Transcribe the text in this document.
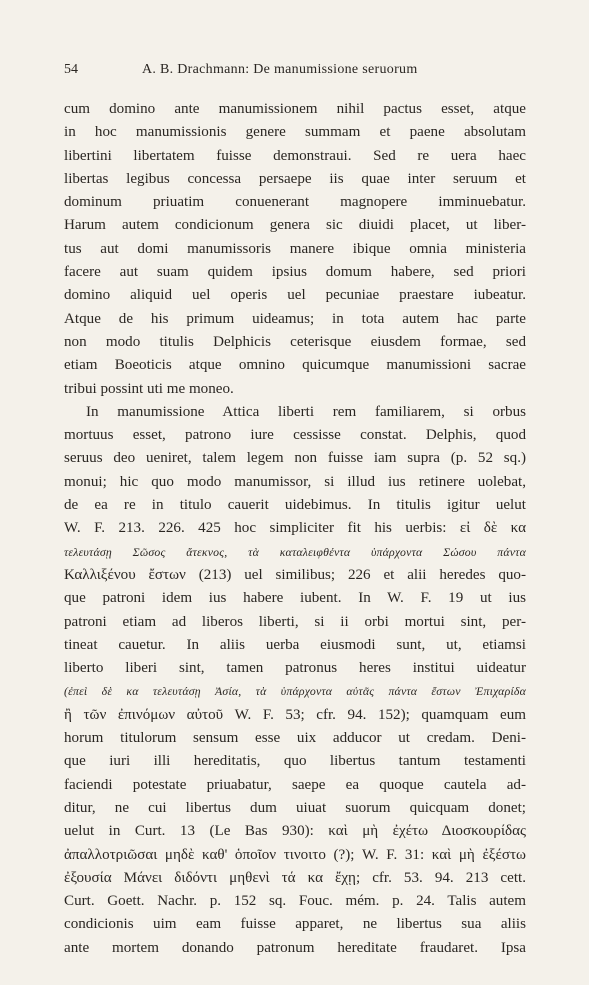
54	A. B. Drachmann: De manumissione seruorum
cum domino ante manumissionem nihil pactus esset, atque
in hoc manumissionis genere summam et paene absolutam
libertini libertatem fuisse demonstraui. Sed re uera haec
libertas legibus concessa persaepe iis quae inter seruum et
dominum priuatim conuenerant magnopere imminuebatur.
Harum autem condicionum genera sic diuidi placet, ut liber-
tus aut domi manumissoris manere ibique omnia ministeria
facere aut suam quidem ipsius domum habere, sed priori
domino aliquid uel operis uel pecuniae praestare iubeatur.
Atque de his primum uideamus; in tota autem hac parte
non modo titulis Delphicis ceterisque eiusdem formae, sed
etiam Boeoticis atque omnino quicumque manumissioni sacrae
tribui possint uti me moneo.
In manumissione Attica liberti rem familiarem, si orbus
mortuus esset, patrono iure cessisse constat. Delphis, quod
seruus deo ueniret, talem legem non fuisse iam supra (p. 52 sq.)
monui; hic quo modo manumissor, si illud ius retinere uolebat,
de ea re in titulo cauerit uidebimus. In titulis igitur uelut
W. F. 213. 226. 425 hoc simpliciter fit his uerbis: εἰ δὲ κα
τελευτάσῃ Σῶσος ἄτεκνος, τὰ καταλειφθέντα ὑπάρχοντα Σώσου πάντα
Καλλιξένου ἔστων (213) uel similibus; 226 et alii heredes quo-
que patroni idem ius habere iubent. In W. F. 19 ut ius
patroni etiam ad liberos liberti, si ii orbi mortui sint, per-
tineat cauetur. In aliis uerba eiusmodi sunt, ut, etiamsi
liberto liberi sint, tamen patronus heres institui uideatur
(ἐπεὶ δὲ κα τελευτάσῃ Ἀσία, τὰ ὑπάρχοντα αὐτᾶς πάντα ἔστων Ἐπιχαρίδα
ἢ τῶν ἐπινόμων αὐτοῦ W. F. 53; cfr. 94. 152); quamquam eum
horum titulorum sensum esse uix adducor ut credam. Deni-
que iuri illi hereditatis, quo libertus tantum testamenti
faciendi potestate priuabatur, saepe ea quoque cautela ad-
ditur, ne cui libertus dum uiuat suorum quicquam donet;
uelut in Curt. 13 (Le Bas 930): καὶ μὴ ἐχέτω Διοσκουρίδας
ἀπαλλοτριῶσαι μηδὲ καθ' ὁποῖον τινοιτο (?); W. F. 31: καὶ μὴ ἐξέστω
ἐξουσία Μάνει διδόντι μηθενὶ τά κα ἔχῃ; cfr. 53. 94. 213 cett.
Curt. Goett. Nachr. p. 152 sq. Fouc. mém. p. 24. Talis autem
condicionis uim eam fuisse apparet, ne libertus sua aliis
ante mortem donando patronum hereditate fraudaret. Ipsa
